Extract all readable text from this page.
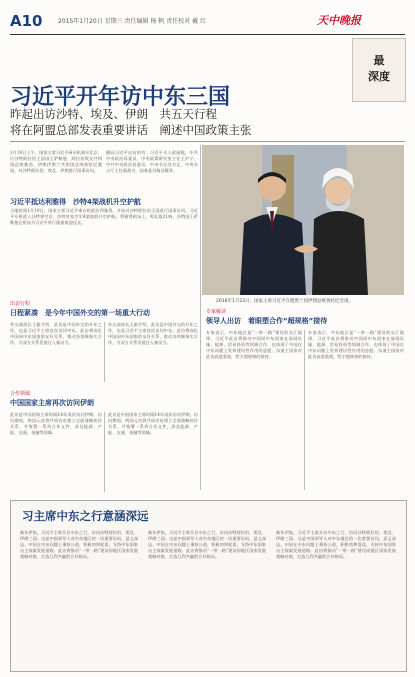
A10	2015年1月20日 星期三 责任编辑 杨 帆 责任校对 戴 红	天中晚报
最
深度
习近平开年访中东三国
昨起出访沙特、埃及、伊朗　共五天行程
将在阿盟总部发表重要讲话　阐述中国政策主张
1月19日上午，国家主席习近平乘专机离开北京，应沙特阿拉伯王国国王萨勒曼、阿拉伯埃及共和国总统塞西、伊朗伊斯兰共和国总统鲁哈尼邀请，对沙特阿拉伯、埃及、伊朗进行国事访问。
随同习近平出访的有：习近平夫人彭丽媛，中共中央政治局委员、中央政策研究室主任王沪宁，中共中央政治局委员、中央书记处书记、中央办公厅主任栗战书，国务委员杨洁篪等。
习近平抵达利雅得　沙特4架战机升空护航
当地时间1月19日，国家主席习近平乘专机抵达利雅得，开始对沙特阿拉伯王国进行国事访问。习近平专机进入沙特领空后，沙特皇家空军4架战机升空护航。利雅得机场上，鸣礼炮21响，沙特国王萨勒曼在机场为习近平举行隆重欢迎仪式。
出访行程
日程紧凑　是今年中国外交的第一场重大行动
外交部部长王毅介绍，此访是中国外交的开年之作，也是习近平主席首次访问中东。此访将深化中国同中东国家的友好关系，推动各领域务实合作，为双方关系发展注入新动力。
外交部部长王毅介绍，此访是中国外交的开年之作，也是习近平主席首次访问中东。此访将深化中国同中东国家的友好关系，推动各领域务实合作，为双方关系发展注入新动力。
合作领域
中国国家主席再次访问伊朗
此访是中国国家主席时隔14年再次访问伊朗。访问期间，两国元首将共同宣布建立全面战略伙伴关系，并签署一系列合作文件，涉及能源、产能、交通、金融等领域。
此访是中国国家主席时隔14年再次访问伊朗。访问期间，两国元首将共同宣布建立全面战略伙伴关系，并签署一系列合作文件，涉及能源、产能、交通、金融等领域。
2016年1月23日，国家主席习近平在德黑兰同伊朗总统鲁哈尼会谈。
专家解读
领导人出访　着眼塑合作“超规格”接待
专家表示，中东地区是“一带一路”建设的交汇地带，习近平此访将推动中国同中东国家在基础设施、能源、贸易投资等领域合作，也体现了中国在中东问题上发挥建设性作用的意愿。东道主国家对此访高度重视，给予超规格的接待。
专家表示，中东地区是“一带一路”建设的交汇地带，习近平此访将推动中国同中东国家在基础设施、能源、贸易投资等领域合作，也体现了中国在中东问题上发挥建设性作用的意愿。东道主国家对此访高度重视，给予超规格的接待。
习主席中东之行意涵深远
新年伊始，习近平主席开启中东之行，访问沙特阿拉伯、埃及、伊朗三国。这是中国领导人对中东地区的一次重要访问，意义深远。中国在中东问题上秉持公道，积极劝和促谈，支持中东国家自主探索发展道路。此访将推动“一带一路”建设同地区国家发展战略对接，打造互利共赢的合作格局。
新年伊始，习近平主席开启中东之行，访问沙特阿拉伯、埃及、伊朗三国。这是中国领导人对中东地区的一次重要访问，意义深远。中国在中东问题上秉持公道，积极劝和促谈，支持中东国家自主探索发展道路。此访将推动“一带一路”建设同地区国家发展战略对接，打造互利共赢的合作格局。
新年伊始，习近平主席开启中东之行，访问沙特阿拉伯、埃及、伊朗三国。这是中国领导人对中东地区的一次重要访问，意义深远。中国在中东问题上秉持公道，积极劝和促谈，支持中东国家自主探索发展道路。此访将推动“一带一路”建设同地区国家发展战略对接，打造互利共赢的合作格局。
